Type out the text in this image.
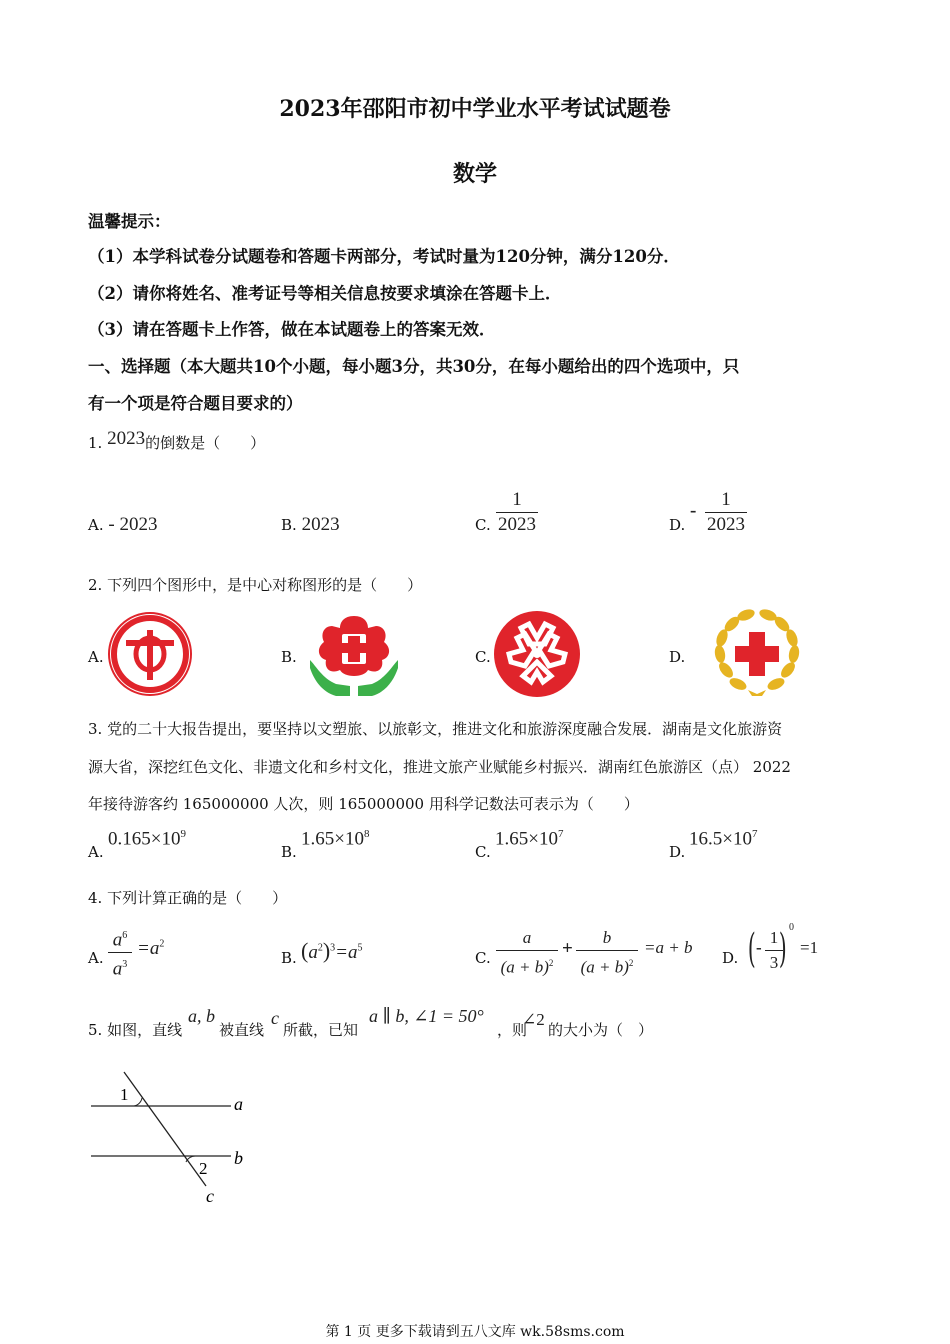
2023年邵阳市初中学业水平考试试题卷
数学
温馨提示：
（1）本学科试卷分试题卷和答题卡两部分，考试时量为120分钟，满分120分．
（2）请你将姓名、准考证号等相关信息按要求填涂在答题卡上．
（3）请在答题卡上作答，做在本试题卷上的答案无效．
一、选择题（本大题共10个小题，每小题3分，共30分，在每小题给出的四个选项中，只
有一个项是符合题目要求的）
1. 2023的倒数是（　　）
A. - 2023	B. 2023	C. $\frac{1}{2023}$	D.
- $\frac{1}{2023}$
2. 下列四个图形中，是中心对称图形的是（　　）
A.	B.	C.	D.
3. 党的二十大报告提出，要坚持以文塑旅、以旅彰文，推进文化和旅游深度融合发展．湖南是文化旅游资
源大省，深挖红色文化、非遗文化和乡村文化，推进文旅产业赋能乡村振兴．湖南红色旅游区（点） 2022
年接待游客约 165000000 人次，则 165000000 用科学记数法可表示为（　　）
A.
$0.165\times 10^9$
B.
$1.65\times 10^8$
C.
$1.65\times 10^7$
D.
$16.5\times 10^7$
4. 下列计算正确的是（　　）
A.
$a^6$
$a^3$
$=a^2$
B. $(a^2)^3=a^5$
C.
a
$(a + b)^2$
+
b
$(a + b)^2$
=a + b
D. ( - $\frac{1}{3}$
) 0
=1
5. 如图，直线
a, b
被直线
c
所截，已知
a ∥ b, ∠1 = 50°
，则
∠2
的大小为（　）
1
2
a
b
c
第 1 页 更多下载请到五八文库 wk.58sms.com
